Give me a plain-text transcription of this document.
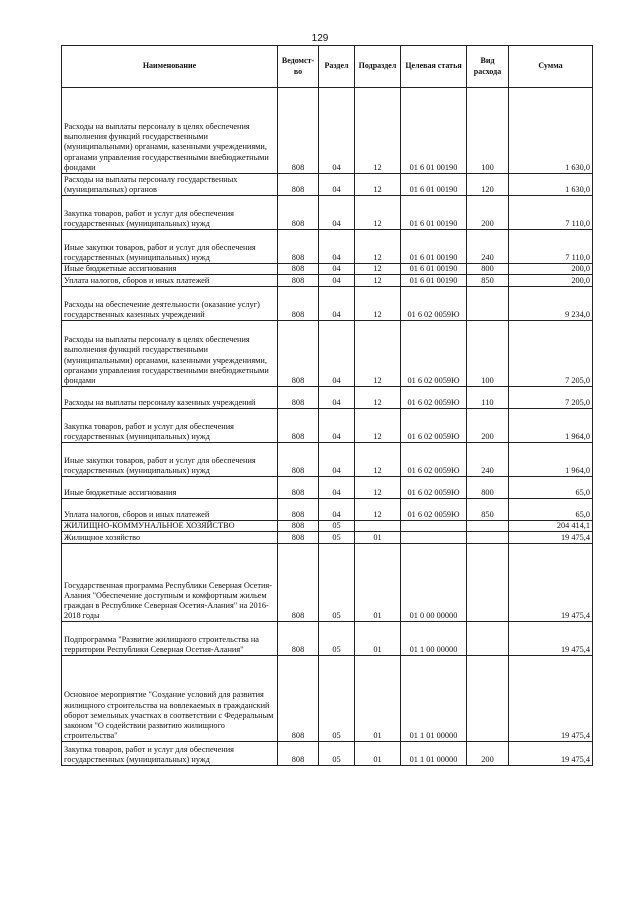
129
Наименование	Ведомст-во	Раздел	Подраздел	Целевая статья	Вид расхода	Сумма
Расходы на выплаты персоналу в целях обеспечения выполнения функций государственными (муниципальными) органами, казенными учреждениями, органами управления государственными внебюджетными фондами	808	04	12	01 6 01 00190	100	1 630,0
Расходы на выплаты персоналу государственных (муниципальных) органов	808	04	12	01 6 01 00190	120	1 630,0
Закупка товаров, работ и услуг для обеспечения государственных (муниципальных) нужд	808	04	12	01 6 01 00190	200	7 110,0
Иные закупки товаров, работ и услуг для обеспечения государственных (муниципальных) нужд	808	04	12	01 6 01 00190	240	7 110,0
Иные бюджетные ассигнования	808	04	12	01 6 01 00190	800	200,0
Уплата налогов, сборов и иных платежей	808	04	12	01 6 01 00190	850	200,0
Расходы на обеспечение деятельности (оказание услуг) государственных казенных учреждений	808	04	12	01 6 02 0059Ю		9 234,0
Расходы на выплаты персоналу в целях обеспечения выполнения функций государственными (муниципальными) органами, казенными учреждениями, органами управления государственными внебюджетными фондами	808	04	12	01 6 02 0059Ю	100	7 205,0
Расходы на выплаты персоналу казенных учреждений	808	04	12	01 6 02 0059Ю	110	7 205,0
Закупка товаров, работ и услуг для обеспечения государственных (муниципальных) нужд	808	04	12	01 6 02 0059Ю	200	1 964,0
Иные закупки товаров, работ и услуг для обеспечения государственных (муниципальных) нужд	808	04	12	01 6 02 0059Ю	240	1 964,0
Иные бюджетные ассигнования	808	04	12	01 6 02 0059Ю	800	65,0
Уплата налогов, сборов и иных платежей	808	04	12	01 6 02 0059Ю	850	65,0
ЖИЛИЩНО-КОММУНАЛЬНОЕ ХОЗЯЙСТВО	808	05				204 414,1
Жилищное хозяйство	808	05	01			19 475,4
Государственная программа Республики Северная Осетия-Алания "Обеспечение доступным и комфортным жильем граждан в Республике Северная Осетия-Алания" на 2016-2018 годы	808	05	01	01 0 00 00000		19 475,4
Подпрограмма "Развитие жилищного строительства на территории Республики Северная Осетия-Алания"	808	05	01	01 1 00 00000		19 475,4
Основное мероприятие "Создание условий для развития жилищного строительства на вовлекаемых в гражданский оборот земельных участках в соответствии с Федеральным законом "О содействии развитию жилищного строительства"	808	05	01	01 1 01 00000		19 475,4
Закупка товаров, работ и услуг для обеспечения государственных (муниципальных) нужд	808	05	01	01 1 01 00000	200	19 475,4
